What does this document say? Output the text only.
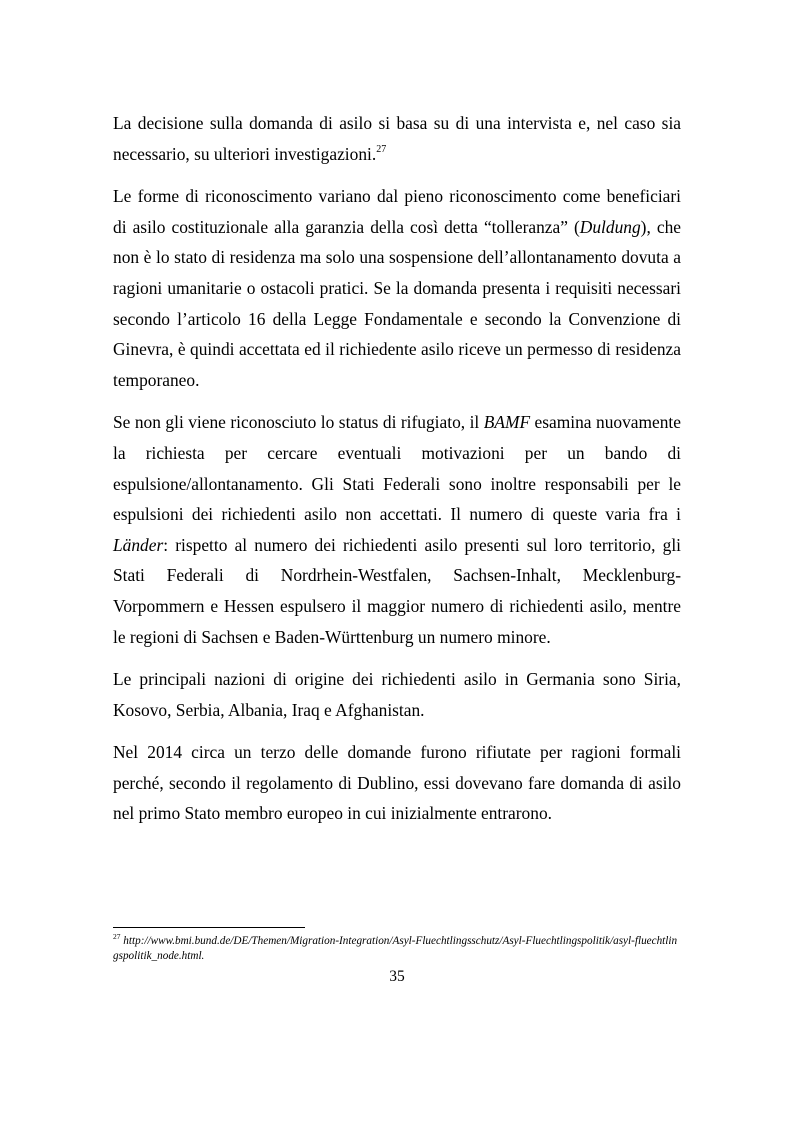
La decisione sulla domanda di asilo si basa su di una intervista e, nel caso sia necessario, su ulteriori investigazioni.$^{27}$

Le forme di riconoscimento variano dal pieno riconoscimento come beneficiari di asilo costituzionale alla garanzia della così detta “tolleranza” (Duldung), che non è lo stato di residenza ma solo una sospensione dell’allontanamento dovuta a ragioni umanitarie o ostacoli pratici. Se la domanda presenta i requisiti necessari secondo l’articolo 16 della Legge Fondamentale e secondo la Convenzione di Ginevra, è quindi accettata ed il richiedente asilo riceve un permesso di residenza temporaneo.

Se non gli viene riconosciuto lo status di rifugiato, il BAMF esamina nuovamente la richiesta per cercare eventuali motivazioni per un bando di espulsione/allontanamento. Gli Stati Federali sono inoltre responsabili per le espulsioni dei richiedenti asilo non accettati. Il numero di queste varia fra i Länder: rispetto al numero dei richiedenti asilo presenti sul loro territorio, gli Stati Federali di Nordrhein-Westfalen, Sachsen-Inhalt, Mecklenburg-Vorpommern e Hessen espulsero il maggior numero di richiedenti asilo, mentre le regioni di Sachsen e Baden-Württenburg un numero minore.

Le principali nazioni di origine dei richiedenti asilo in Germania sono Siria, Kosovo, Serbia, Albania, Iraq e Afghanistan.

Nel 2014 circa un terzo delle domande furono rifiutate per ragioni formali perché, secondo il regolamento di Dublino, essi dovevano fare domanda di asilo nel primo Stato membro europeo in cui inizialmente entrarono.

$^{27}$ http://www.bmi.bund.de/DE/Themen/Migration-Integration/Asyl-Fluechtlingsschutz/Asyl-Fluechtlingspolitik/asyl-fluechtlingspolitik_node.html.
35
